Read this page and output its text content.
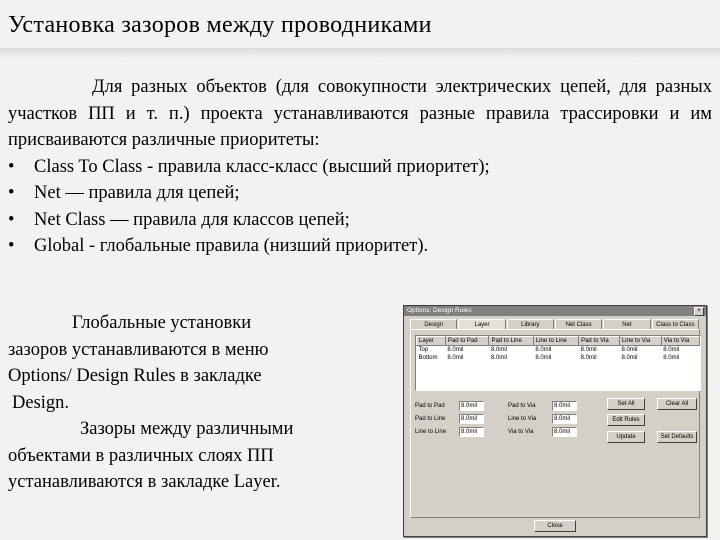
Установка зазоров между проводниками

Для разных объектов (для совокупности электрических цепей, для разных участков ПП и т. п.) проекта устанавливаются разные правила трассировки и им присваиваются различные приоритеты:

•	Class To Class - правила класс-класс (высший приоритет);
•	Net — правила для цепей;
•	Net Class — правила для классов цепей;
•	Global - глобальные правила (низший приоритет).

Глобальные установки

зазоров устанавливаются в меню

Options/ Design Rules в закладке

Design.

Зазоры между различными

объектами в различных слоях ПП

устанавливаются в закладке Layer.

Options: Design Rules	×
Design	Layer	Library	Net Class	Net	Class to Class
Layer	Pad to Pad	Pad to Line	Line to Line	Pad to Via	Line to Via	Via to Via
Top	8.0mil	8.0mil	8.0mil	8.0mil	8.0mil	8.0mil
Bottom	8.0mil	8.0mil	8.0mil	8.0mil	8.0mil	8.0mil
Pad to Pad	8.0mil	Pad to Via	8.0mil
Pad to Line	8.0mil	Line to Via	8.0mil
Line to Line	8.0mil	Via to Via	8.0mil
Set All	Clear All
Edit Rules
Update	Set Defaults
Close
